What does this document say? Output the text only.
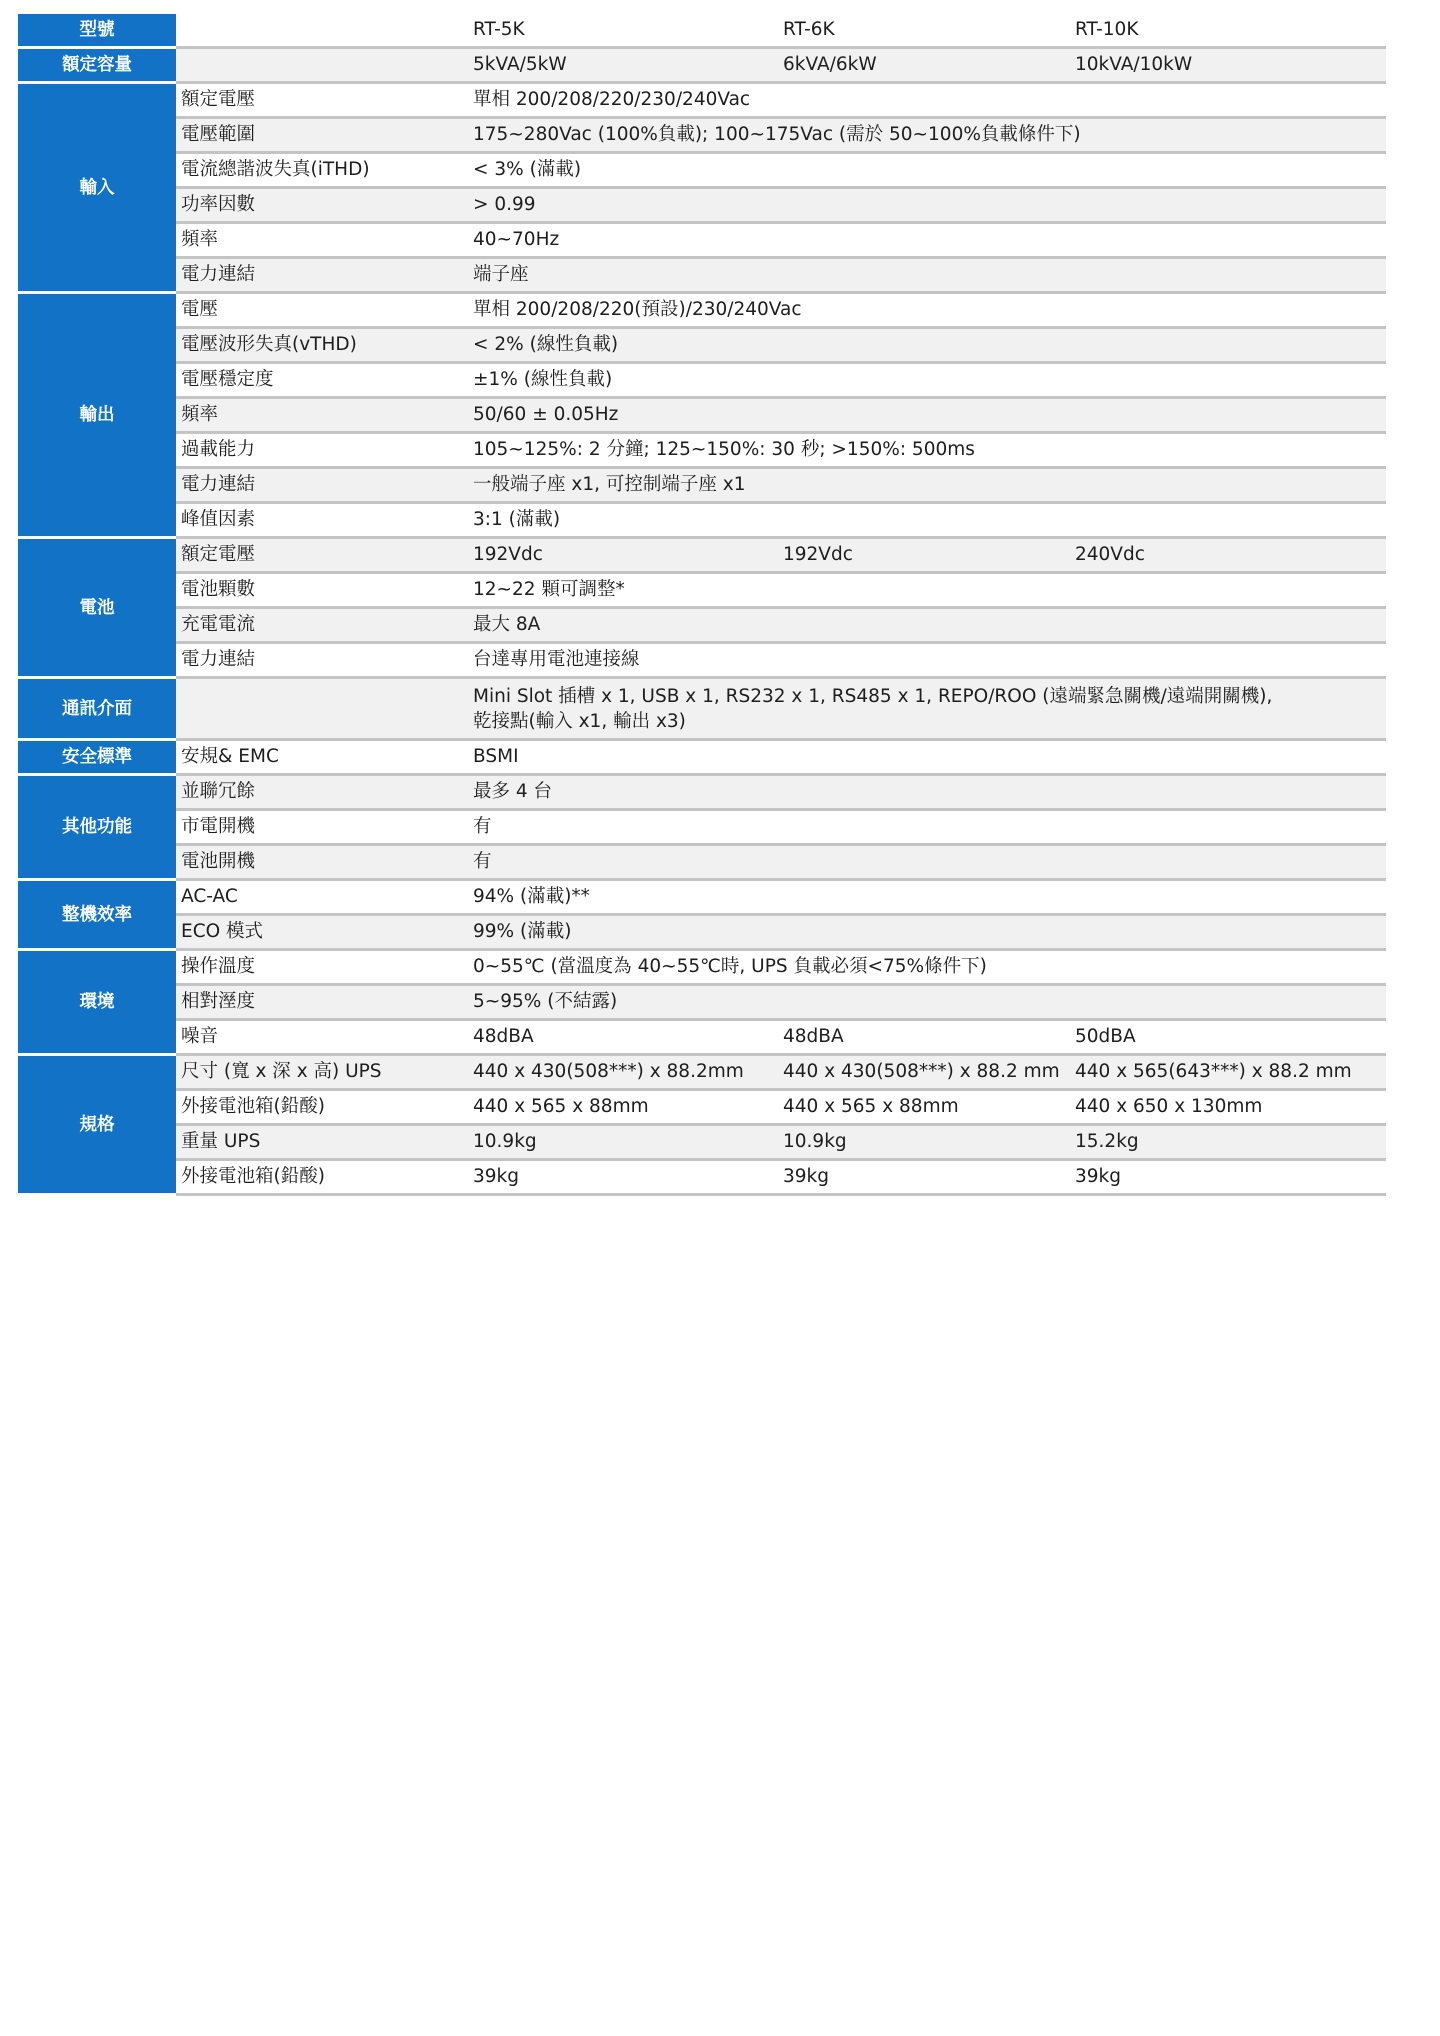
型號		RT-5K	RT-6K	RT-10K
額定容量		5kVA/5kW	6kVA/6kW	10kVA/10kW
輸入	額定電壓	單相 200/208/220/230/240Vac		
	電壓範圍	175~280Vac (100%負載); 100~175Vac (需於 50~100%負載條件下)		
	電流總諧波失真(iTHD)	< 3% (滿載)		
	功率因數	> 0.99		
	頻率	40~70Hz		
	電力連結	端子座		
輸出	電壓	單相 200/208/220(預設)/230/240Vac		
	電壓波形失真(vTHD)	< 2% (線性負載)		
	電壓穩定度	±1% (線性負載)		
	頻率	50/60 ± 0.05Hz		
	過載能力	105~125%: 2 分鐘; 125~150%: 30 秒; >150%: 500ms		
	電力連結	一般端子座 x1, 可控制端子座 x1		
	峰值因素	3:1 (滿載)		
電池	額定電壓	192Vdc	192Vdc	240Vdc
	電池顆數	12~22 顆可調整*		
	充電電流	最大 8A		
	電力連結	台達專用電池連接線		
通訊介面		Mini Slot 插槽 x 1, USB x 1, RS232 x 1, RS485 x 1, REPO/ROO (遠端緊急關機/遠端開關機),
乾接點(輸入 x1, 輸出 x3)		

安全標準	安規& EMC	BSMI		
其他功能	並聯冗餘	最多 4 台		
	市電開機	有		
	電池開機	有		
整機效率	AC-AC	94% (滿載)**		
	ECO 模式	99% (滿載)		
環境	操作溫度	0~55℃ (當溫度為 40~55℃時, UPS 負載必須<75%條件下)		
	相對溼度	5~95% (不結露)		
	噪音	48dBA	48dBA	50dBA
規格	尺寸 (寬 x 深 x 高) UPS	440 x 430(508***) x 88.2mm	440 x 430(508***) x 88.2 mm	440 x 565(643***) x 88.2 mm
	外接電池箱(鉛酸)	440 x 565 x 88mm	440 x 565 x 88mm	440 x 650 x 130mm
	重量 UPS	10.9kg	10.9kg	15.2kg
	外接電池箱(鉛酸)	39kg	39kg	39kg
